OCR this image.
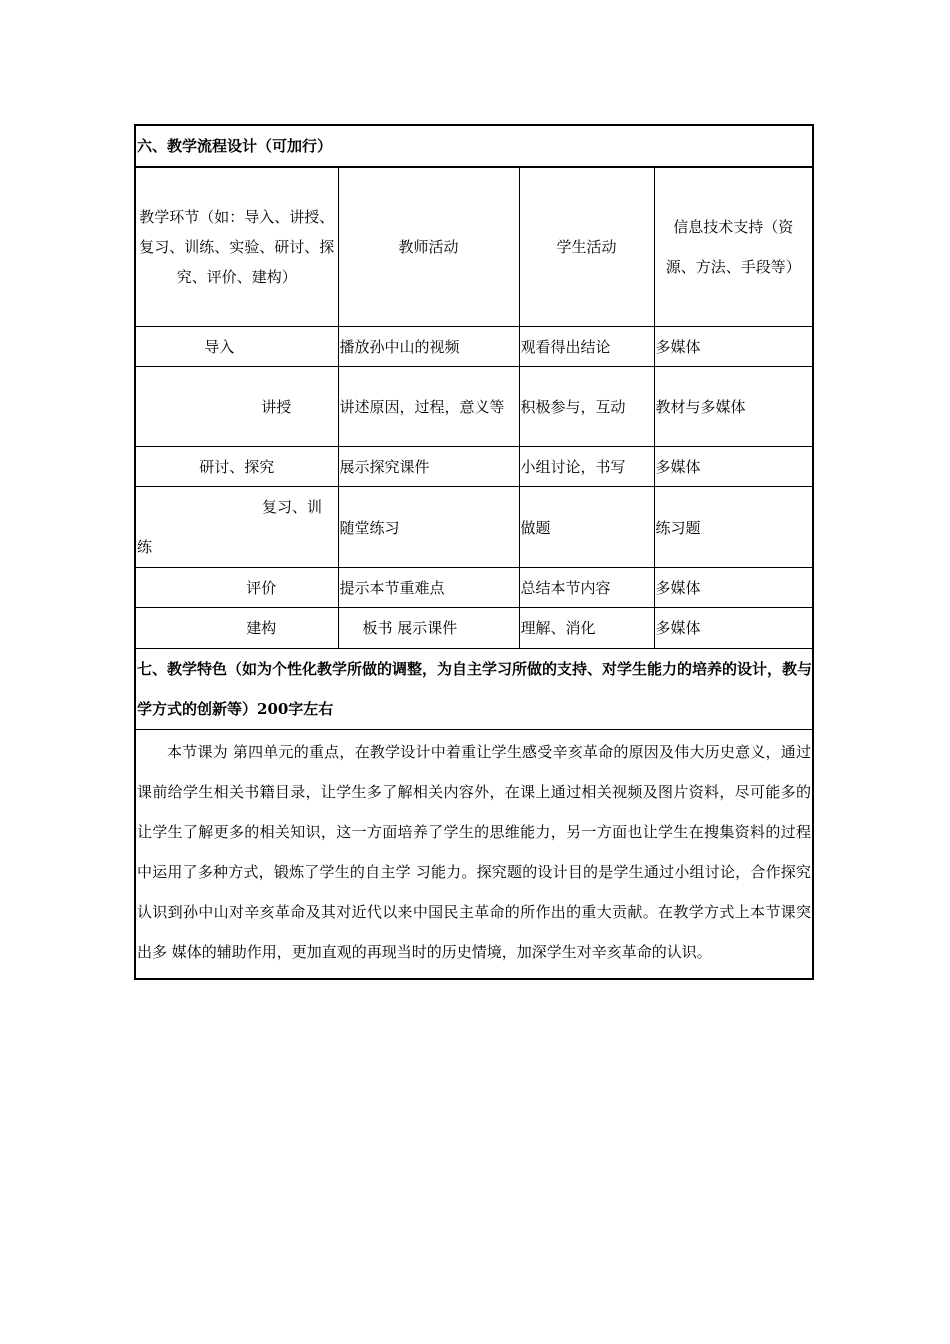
六、教学流程设计（可加行）
教学环节（如：导入、讲授、复习、训练、实验、研讨、探究、评价、建构）	教师活动	学生活动	信息技术支持（资源、方法、手段等）
导入	播放孙中山的视频	观看得出结论	多媒体
讲授	讲述原因，过程，意义等	积极参与，互动	教材与多媒体
研讨、探究	展示探究课件	小组讨论，书写	多媒体
复习、训练	随堂练习	做题	练习题
评价	提示本节重难点	总结本节内容	多媒体
建构	板书 展示课件	理解、消化	多媒体
七、教学特色（如为个性化教学所做的调整，为自主学习所做的支持、对学生能力的培养的设计，教与学方式的创新等）200字左右
本节课为 第四单元的重点，在教学设计中着重让学生感受辛亥革命的原因及伟大历史意义，通过课前给学生相关书籍目录，让学生多了解相关内容外，在课上通过相关视频及图片资料，尽可能多的让学生了解更多的相关知识，这一方面培养了学生的思维能力，另一方面也让学生在搜集资料的过程中运用了多种方式，锻炼了学生的自主学 习能力。探究题的设计目的是学生通过小组讨论，合作探究认识到孙中山对辛亥革命及其对近代以来中国民主革命的所作出的重大贡献。在教学方式上本节课突出多 媒体的辅助作用，更加直观的再现当时的历史情境，加深学生对辛亥革命的认识。
